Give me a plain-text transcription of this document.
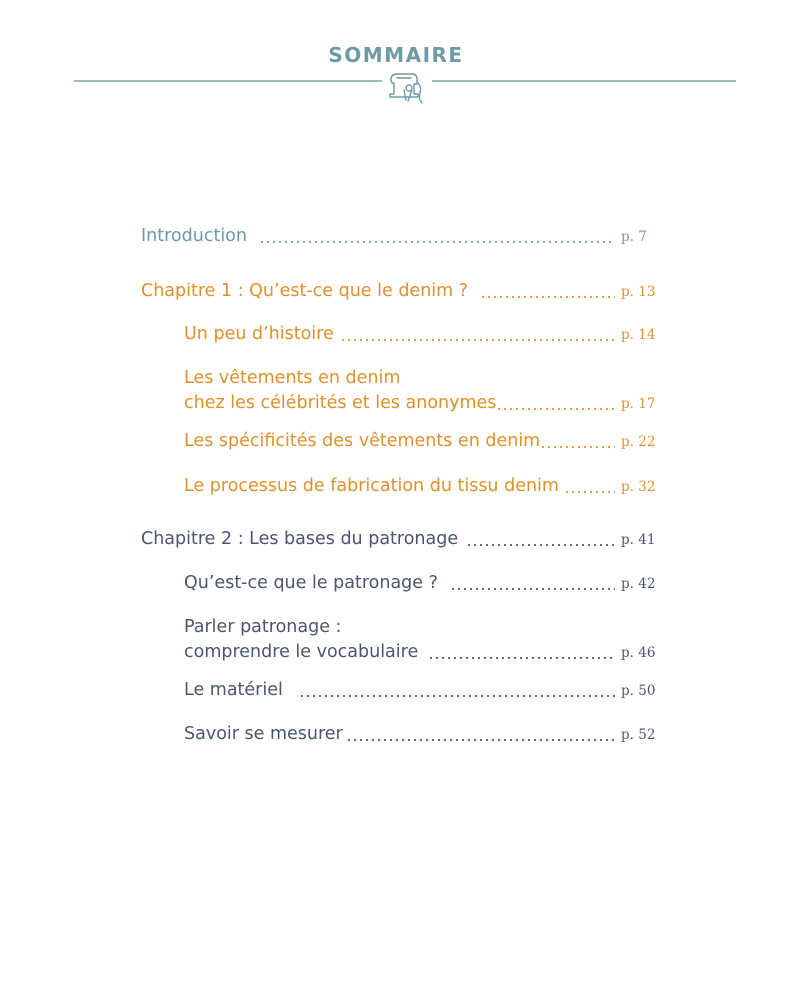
SOMMAIRE
Introduction	p. 7
Chapitre 1 : Qu’est-ce que le denim ?	p. 13
Un peu d’histoire	p. 14
Les vêtements en denim
chez les célébrités et les anonymes	p. 17
Les spécificités des vêtements en denim	p. 22
Le processus de fabrication du tissu denim	p. 32
Chapitre 2 : Les bases du patronage	p. 41
Qu’est-ce que le patronage ?	p. 42
Parler patronage :
comprendre le vocabulaire	p. 46
Le matériel	p. 50
Savoir se mesurer	p. 52
